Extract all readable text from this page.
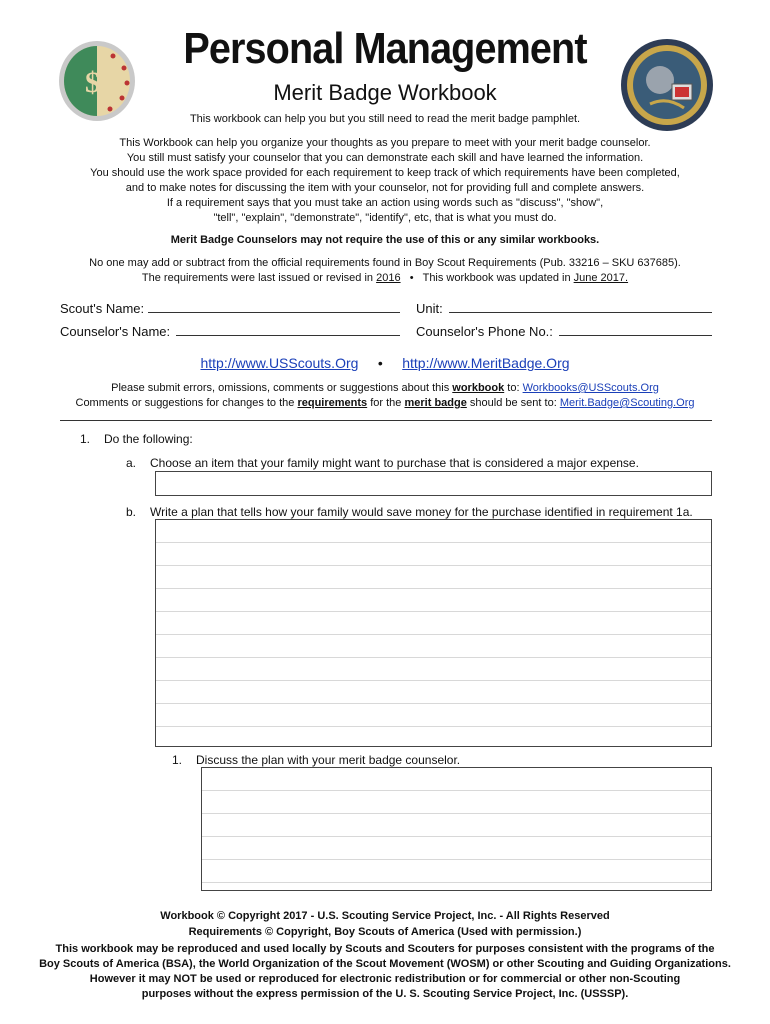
$
Personal Management
Merit Badge Workbook
This workbook can help you but you still need to read the merit badge pamphlet.
This Workbook can help you organize your thoughts as you prepare to meet with your merit badge counselor.
You still must satisfy your counselor that you can demonstrate each skill and have learned the information.
You should use the work space provided for each requirement to keep track of which requirements have been completed,
and to make notes for discussing the item with your counselor, not for providing full and complete answers.
If a requirement says that you must take an action using words such as "discuss", "show",
"tell", "explain", "demonstrate", "identify", etc, that is what you must do.
Merit Badge Counselors may not require the use of this or any similar workbooks.
No one may add or subtract from the official requirements found in Boy Scout Requirements (Pub. 33216 – SKU 637685).
The requirements were last issued or revised in 2016 • This workbook was updated in June 2017.
Scout's Name:	Unit:
Counselor's Name:	Counselor's Phone No.:
http://www.USScouts.Org • http://www.MeritBadge.Org
Please submit errors, omissions, comments or suggestions about this workbook to: Workbooks@USScouts.Org
Comments or suggestions for changes to the requirements for the merit badge should be sent to: Merit.Badge@Scouting.Org
1. Do the following:
a. Choose an item that your family might want to purchase that is considered a major expense.
b. Write a plan that tells how your family would save money for the purchase identified in requirement 1a.
1. Discuss the plan with your merit badge counselor.
Workbook © Copyright 2017 - U.S. Scouting Service Project, Inc. - All Rights Reserved
Requirements © Copyright, Boy Scouts of America (Used with permission.)
This workbook may be reproduced and used locally by Scouts and Scouters for purposes consistent with the programs of the
Boy Scouts of America (BSA), the World Organization of the Scout Movement (WOSM) or other Scouting and Guiding Organizations.
However it may NOT be used or reproduced for electronic redistribution or for commercial or other non-Scouting
purposes without the express permission of the U. S. Scouting Service Project, Inc. (USSSP).
